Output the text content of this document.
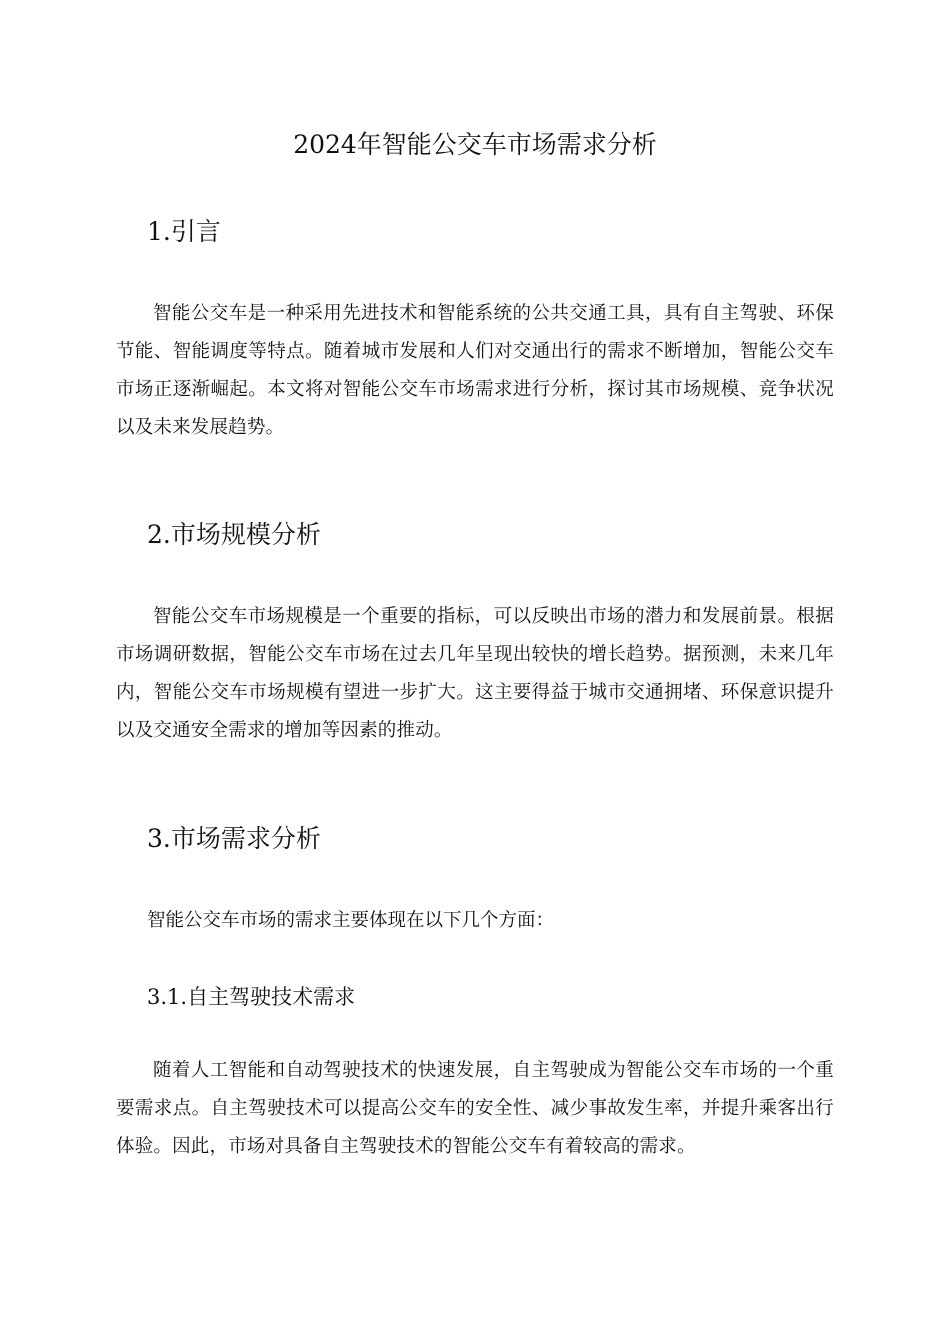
2024年智能公交车市场需求分析
1.引言

智能公交车是一种采用先进技术和智能系统的公共交通工具，具有自主驾驶、环保节能、智能调度等特点。随着城市发展和人们对交通出行的需求不断增加，智能公交车市场正逐渐崛起。本文将对智能公交车市场需求进行分析，探讨其市场规模、竞争状况以及未来发展趋势。

2.市场规模分析

智能公交车市场规模是一个重要的指标，可以反映出市场的潜力和发展前景。根据市场调研数据，智能公交车市场在过去几年呈现出较快的增长趋势。据预测，未来几年内，智能公交车市场规模有望进一步扩大。这主要得益于城市交通拥堵、环保意识提升以及交通安全需求的增加等因素的推动。

3.市场需求分析

智能公交车市场的需求主要体现在以下几个方面：

3.1.自主驾驶技术需求

随着人工智能和自动驾驶技术的快速发展，自主驾驶成为智能公交车市场的一个重要需求点。自主驾驶技术可以提高公交车的安全性、减少事故发生率，并提升乘客出行体验。因此，市场对具备自主驾驶技术的智能公交车有着较高的需求。
